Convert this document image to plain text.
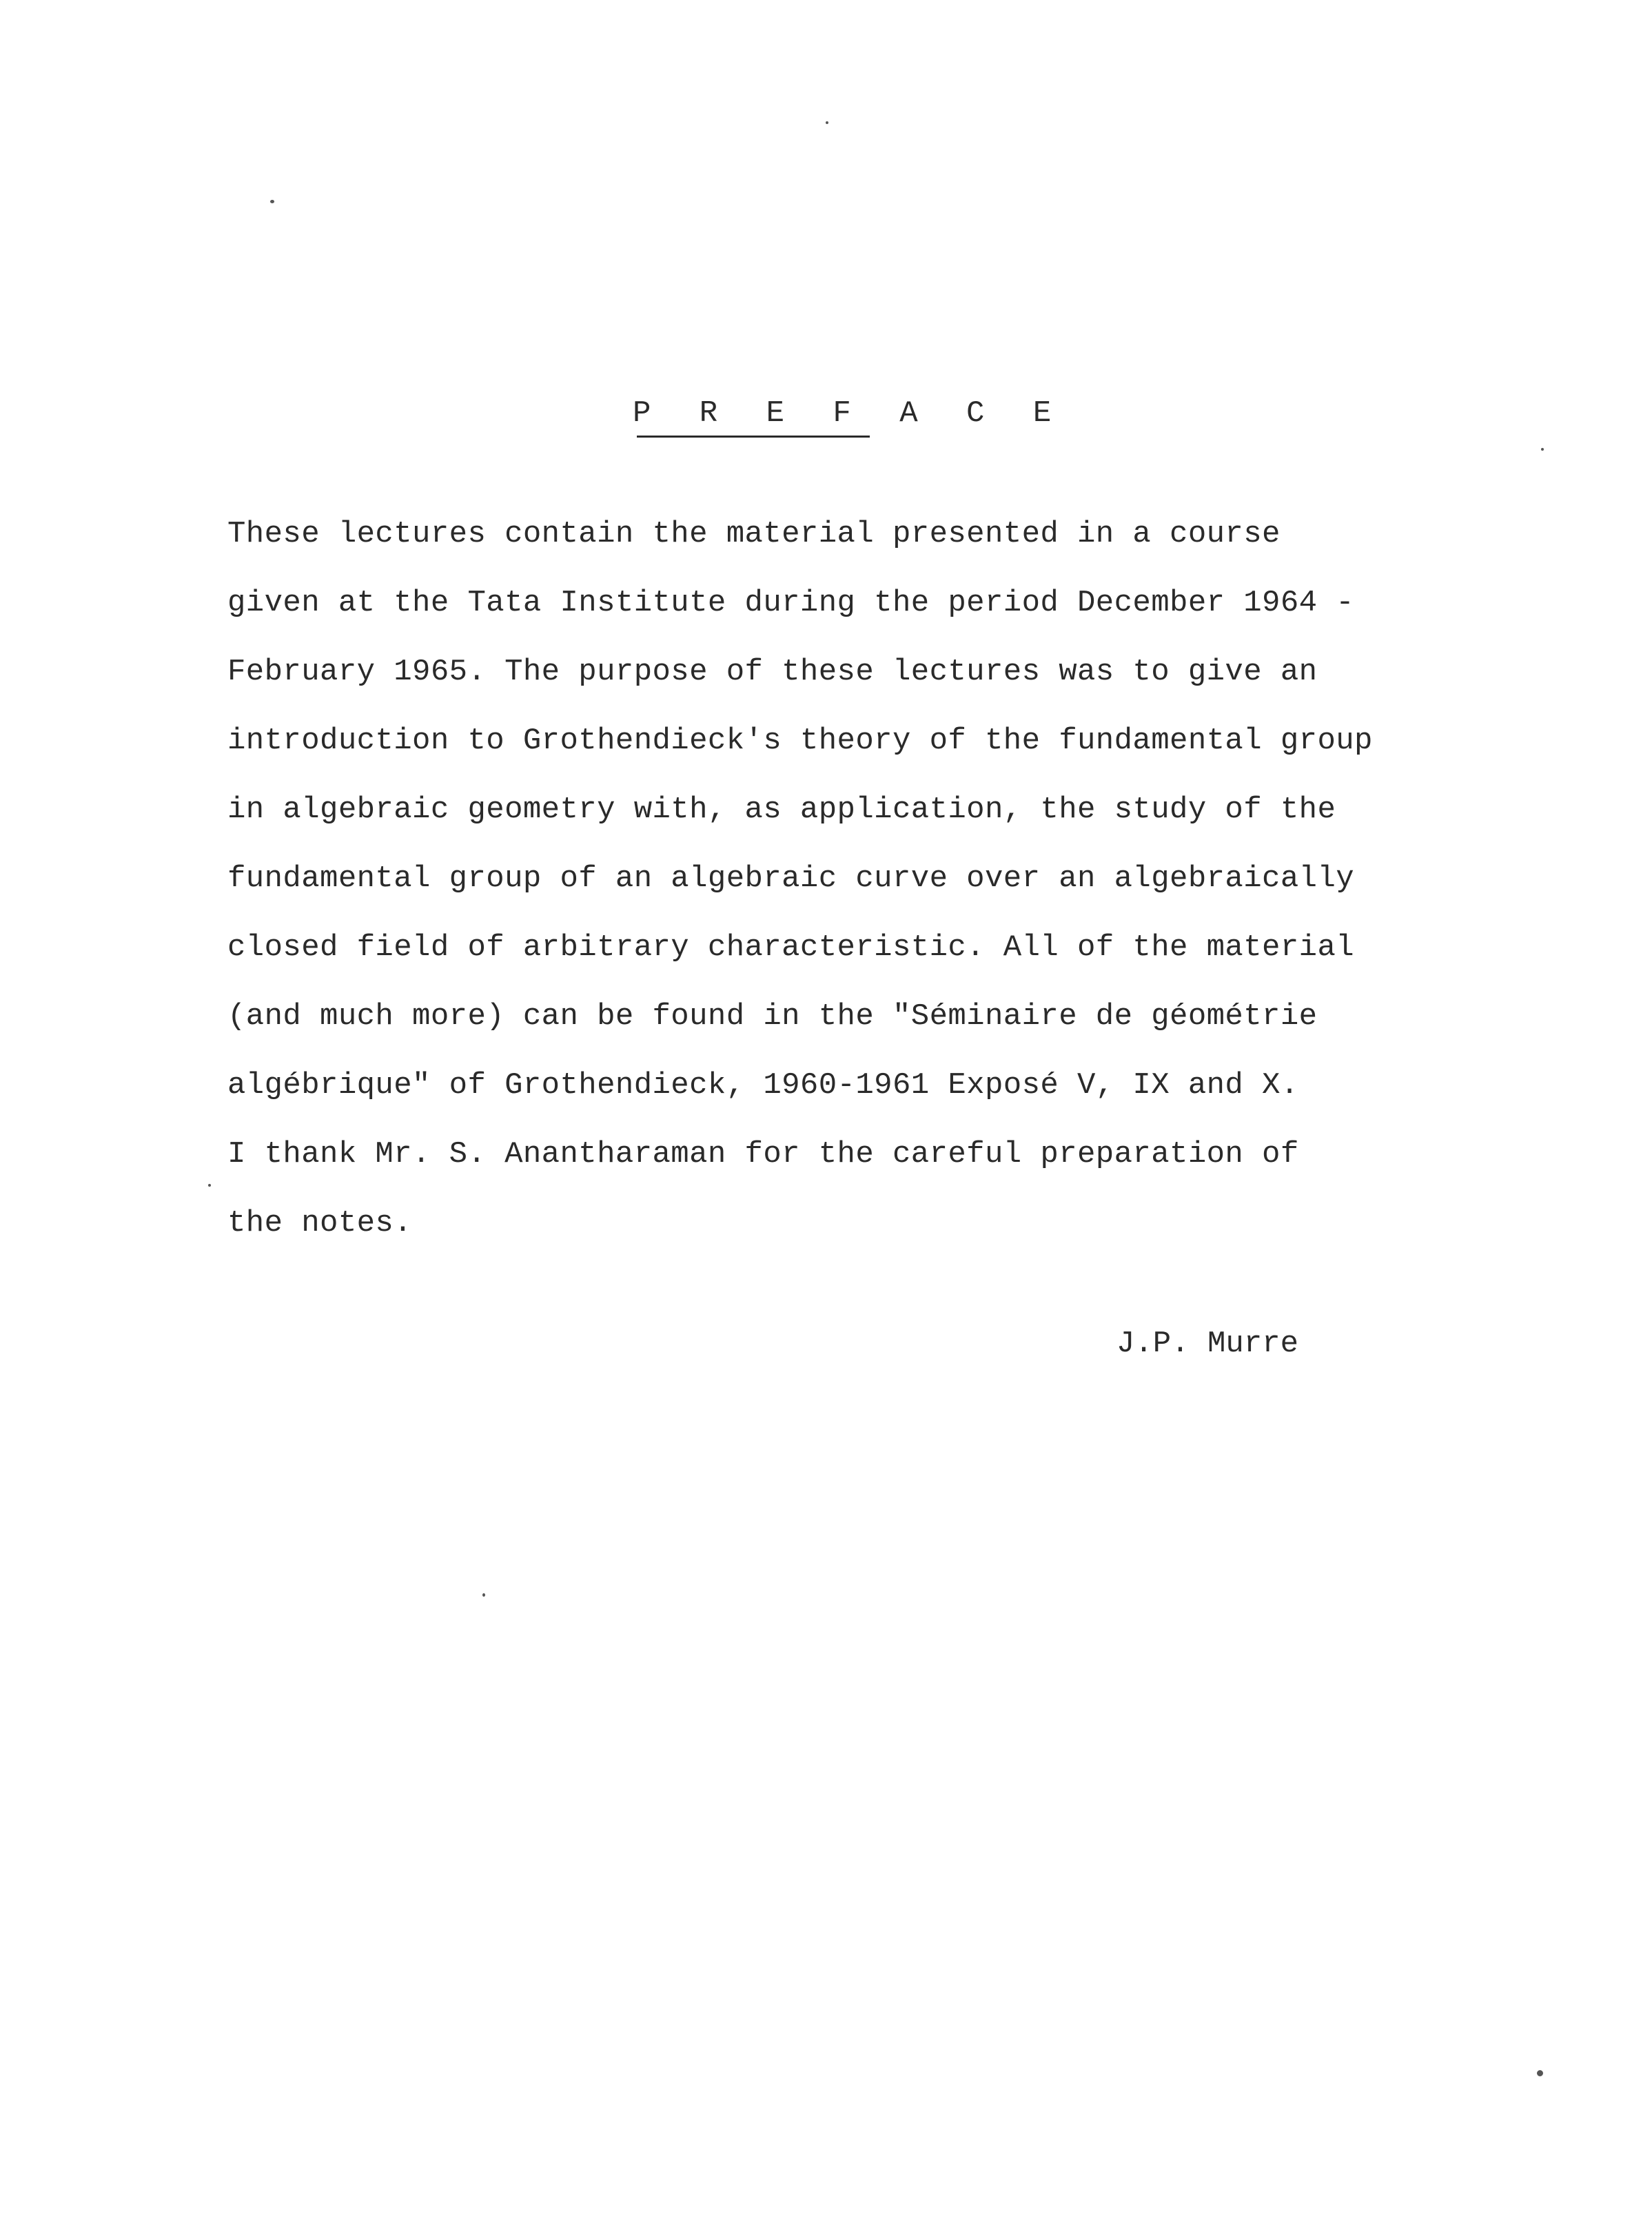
P R E F A C E
These lectures contain the material presented in a course
given at the Tata Institute during the period December 1964 -
February 1965. The purpose of these lectures was to give an
introduction to Grothendieck's theory of the fundamental group
in algebraic geometry with, as application, the study of the
fundamental group of an algebraic curve over an algebraically
closed field of arbitrary characteristic. All of the material
(and much more) can be found in the "Séminaire de géométrie
algébrique" of Grothendieck, 1960-1961 Exposé V, IX and X.
I thank Mr. S. Anantharaman for the careful preparation of
the notes.
J.P. Murre
